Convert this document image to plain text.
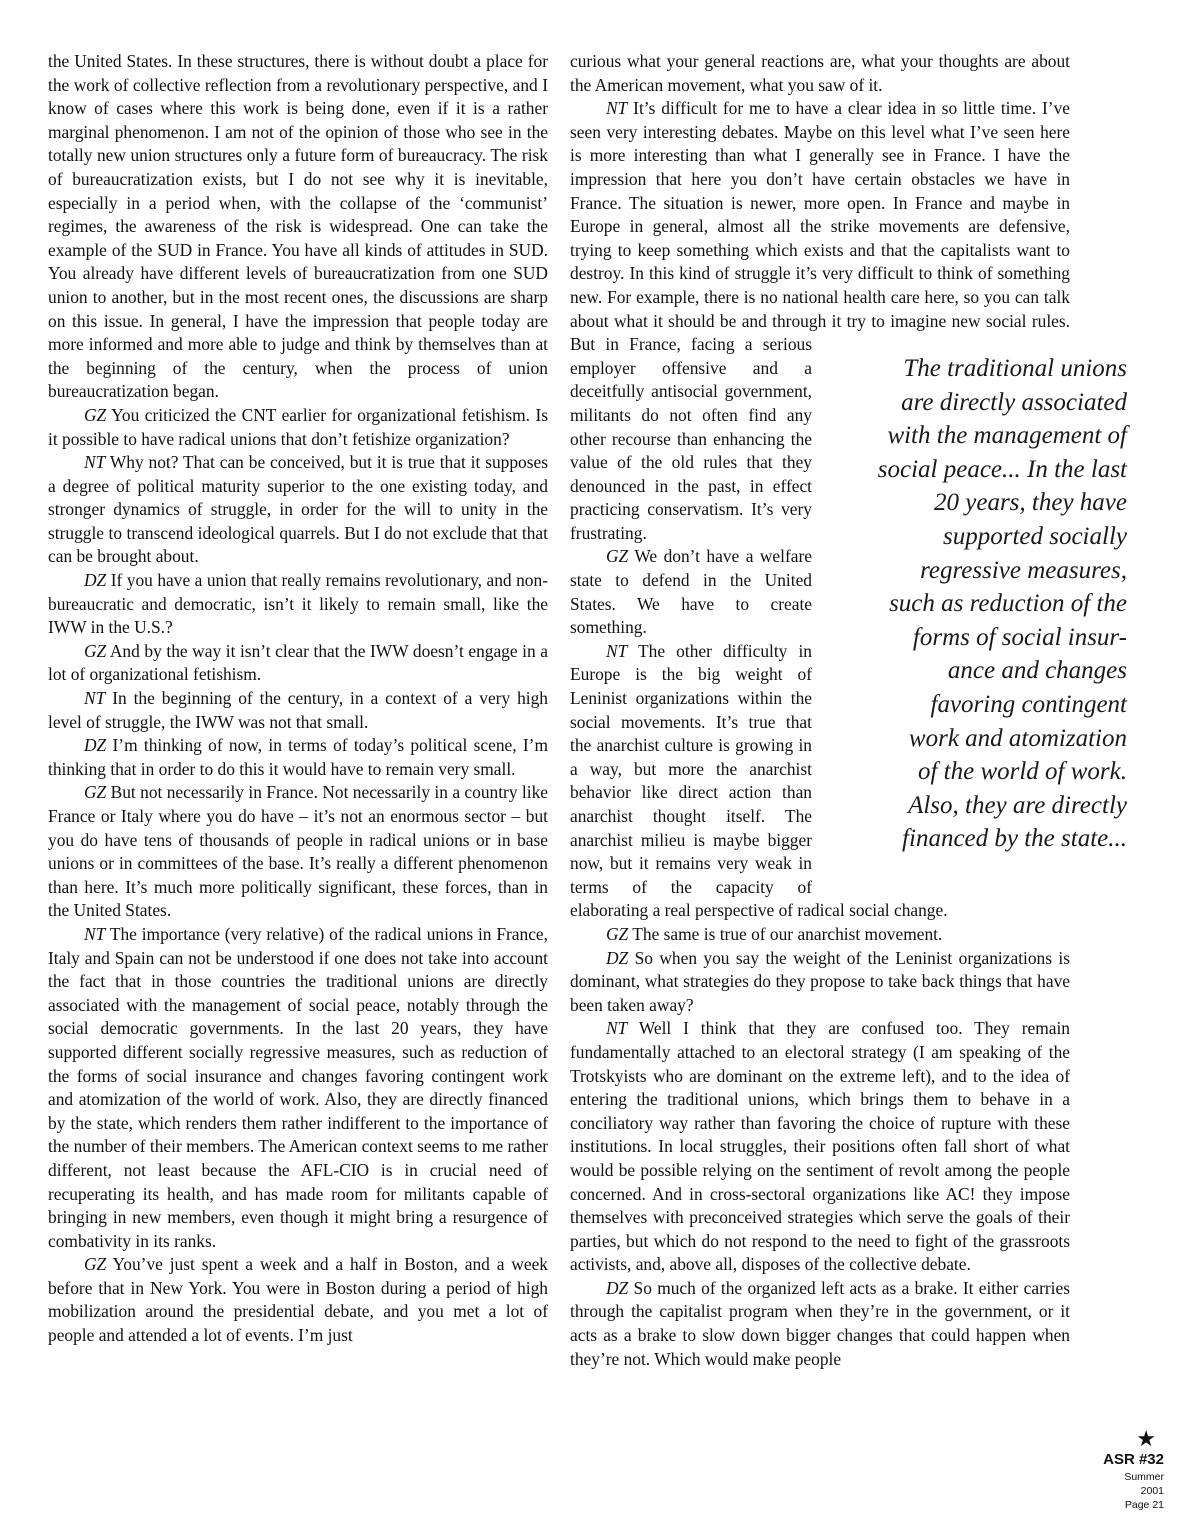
the United States. In these structures, there is without doubt a place for the work of collective reflection from a revolutionary perspective, and I know of cases where this work is being done, even if it is a rather marginal phenomenon. I am not of the opinion of those who see in the totally new union structures only a future form of bureaucracy. The risk of bureaucratization exists, but I do not see why it is inevitable, especially in a period when, with the collapse of the ‘communist’ regimes, the awareness of the risk is widespread. One can take the example of the SUD in France. You have all kinds of attitudes in SUD. You already have different levels of bureaucratization from one SUD union to another, but in the most recent ones, the discussions are sharp on this issue. In general, I have the impression that people today are more informed and more able to judge and think by themselves than at the beginning of the century, when the process of union bureaucratization began.

GZ You criticized the CNT earlier for organizational fetishism. Is it possible to have radical unions that don’t fetishize organization?

NT Why not? That can be conceived, but it is true that it supposes a degree of political maturity superior to the one existing today, and stronger dynamics of struggle, in order for the will to unity in the struggle to transcend ideological quarrels. But I do not exclude that that can be brought about.

DZ If you have a union that really remains revolutionary, and non-bureaucratic and democratic, isn’t it likely to remain small, like the IWW in the U.S.?

GZ And by the way it isn’t clear that the IWW doesn’t engage in a lot of organizational fetishism.

NT In the beginning of the century, in a context of a very high level of struggle, the IWW was not that small.

DZ I’m thinking of now, in terms of today’s political scene, I’m thinking that in order to do this it would have to remain very small.

GZ But not necessarily in France. Not necessarily in a country like France or Italy where you do have – it’s not an enormous sector – but you do have tens of thousands of people in radical unions or in base unions or in committees of the base. It’s really a different phenomenon than here. It’s much more politically significant, these forces, than in the United States.

NT The importance (very relative) of the radical unions in France, Italy and Spain can not be understood if one does not take into account the fact that in those countries the traditional unions are directly associated with the management of social peace, notably through the social democratic governments. In the last 20 years, they have supported different socially regressive measures, such as reduction of the forms of social insurance and changes favoring contingent work and atomization of the world of work. Also, they are directly financed by the state, which renders them rather indifferent to the importance of the number of their members. The American context seems to me rather different, not least because the AFL-CIO is in crucial need of recuperating its health, and has made room for militants capable of bringing in new members, even though it might bring a resurgence of combativity in its ranks.

GZ You’ve just spent a week and a half in Boston, and a week before that in New York. You were in Boston during a period of high mobilization around the presidential debate, and you met a lot of people and attended a lot of events. I’m just

curious what your general reactions are, what your thoughts are about the American movement, what you saw of it.

NT It’s difficult for me to have a clear idea in so little time. I’ve seen very interesting debates. Maybe on this level what I’ve seen here is more interesting than what I generally see in France. I have the impression that here you don’t have certain obstacles we have in France. The situation is newer, more open. In France and maybe in Europe in general, almost all the strike movements are defensive, trying to keep something which exists and that the capitalists want to destroy. In this kind of struggle it’s very difficult to think of something new. For example, there is no national health care here, so you can talk about what it should be and through it try to imagine new social rules. But in France, facing a serious employer offensive and a deceitfully antisocial government, militants do not often find any other recourse than enhancing the value of the old rules that they denounced in the past, in effect practicing conservatism. It’s very frustrating.

GZ We don’t have a welfare state to defend in the United States. We have to create something.

NT The other difficulty in Europe is the big weight of Leninist organizations within the social movements. It’s true that the anarchist culture is growing in a way, but more the anarchist behavior like direct action than anarchist thought itself. The anarchist milieu is maybe bigger now, but it remains very weak in terms of the capacity of elaborating a real perspective of radical social change.

GZ The same is true of our anarchist movement.

DZ So when you say the weight of the Leninist organizations is dominant, what strategies do they propose to take back things that have been taken away?

NT Well I think that they are confused too. They remain fundamentally attached to an electoral strategy (I am speaking of the Trotskyists who are dominant on the extreme left), and to the idea of entering the traditional unions, which brings them to behave in a conciliatory way rather than favoring the choice of rupture with these institutions. In local struggles, their positions often fall short of what would be possible relying on the sentiment of revolt among the people concerned. And in cross-sectoral organizations like AC! they impose themselves with preconceived strategies which serve the goals of their parties, but which do not respond to the need to fight of the grassroots activists, and, above all, disposes of the collective debate.

DZ So much of the organized left acts as a brake. It either carries through the capitalist program when they’re in the government, or it acts as a brake to slow down bigger changes that could happen when they’re not. Which would make people

The traditional unions
are directly associated
with the management of
social peace... In the last
20 years, they have
supported socially
regressive measures,
such as reduction of the
forms of social insur-
ance and changes
favoring contingent
work and atomization
of the world of work.
Also, they are directly
financed by the state...
★
ASR #32
Summer
2001
Page 21
